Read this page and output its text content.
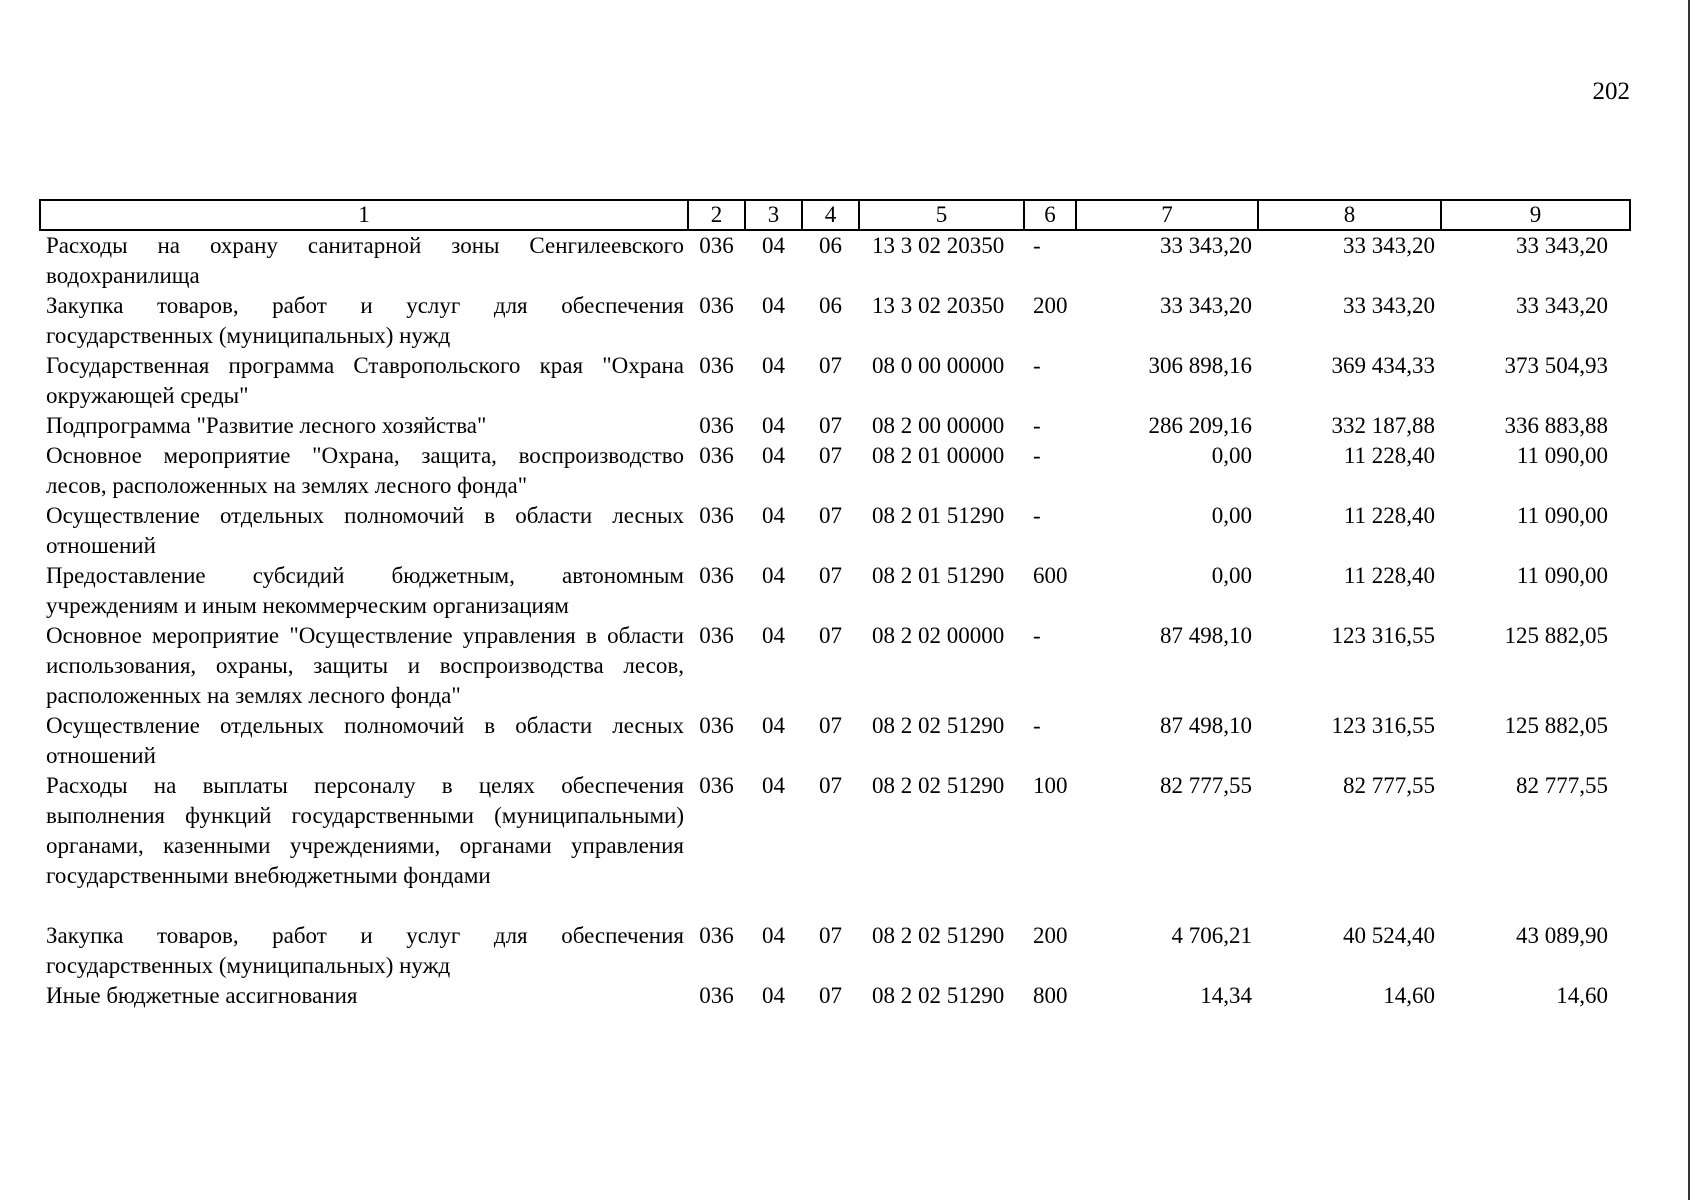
202
1	2	3	4	5	6	7	8	9
Расходы на охрану санитарной зоны Сенгилеевского водохранилища	036	04	06	13 3 02 20350	-	33 343,20	33 343,20	33 343,20
Закупка товаров, работ и услуг для обеспечения государственных (муниципальных) нужд	036	04	06	13 3 02 20350	200	33 343,20	33 343,20	33 343,20
Государственная программа Ставропольского края "Охрана окружающей среды"	036	04	07	08 0 00 00000	-	306 898,16	369 434,33	373 504,93
Подпрограмма "Развитие лесного хозяйства"	036	04	07	08 2 00 00000	-	286 209,16	332 187,88	336 883,88
Основное мероприятие "Охрана, защита, воспроизводство лесов, расположенных на землях лесного фонда"	036	04	07	08 2 01 00000	-	0,00	11 228,40	11 090,00
Осуществление отдельных полномочий в области лесных отношений	036	04	07	08 2 01 51290	-	0,00	11 228,40	11 090,00
Предоставление субсидий бюджетным, автономным учреждениям и иным некоммерческим организациям	036	04	07	08 2 01 51290	600	0,00	11 228,40	11 090,00
Основное мероприятие "Осуществление управления в области использования, охраны, защиты и воспроизводства лесов, расположенных на землях лесного фонда"	036	04	07	08 2 02 00000	-	87 498,10	123 316,55	125 882,05
Осуществление отдельных полномочий в области лесных отношений	036	04	07	08 2 02 51290	-	87 498,10	123 316,55	125 882,05
Расходы на выплаты персоналу в целях обеспечения выполнения функций государственными (муниципальными) органами, казенными учреждениями, органами управления государственными внебюджетными фондами	036	04	07	08 2 02 51290	100	82 777,55	82 777,55	82 777,55

Закупка товаров, работ и услуг для обеспечения государственных (муниципальных) нужд	036	04	07	08 2 02 51290	200	4 706,21	40 524,40	43 089,90
Иные бюджетные ассигнования	036	04	07	08 2 02 51290	800	14,34	14,60	14,60
